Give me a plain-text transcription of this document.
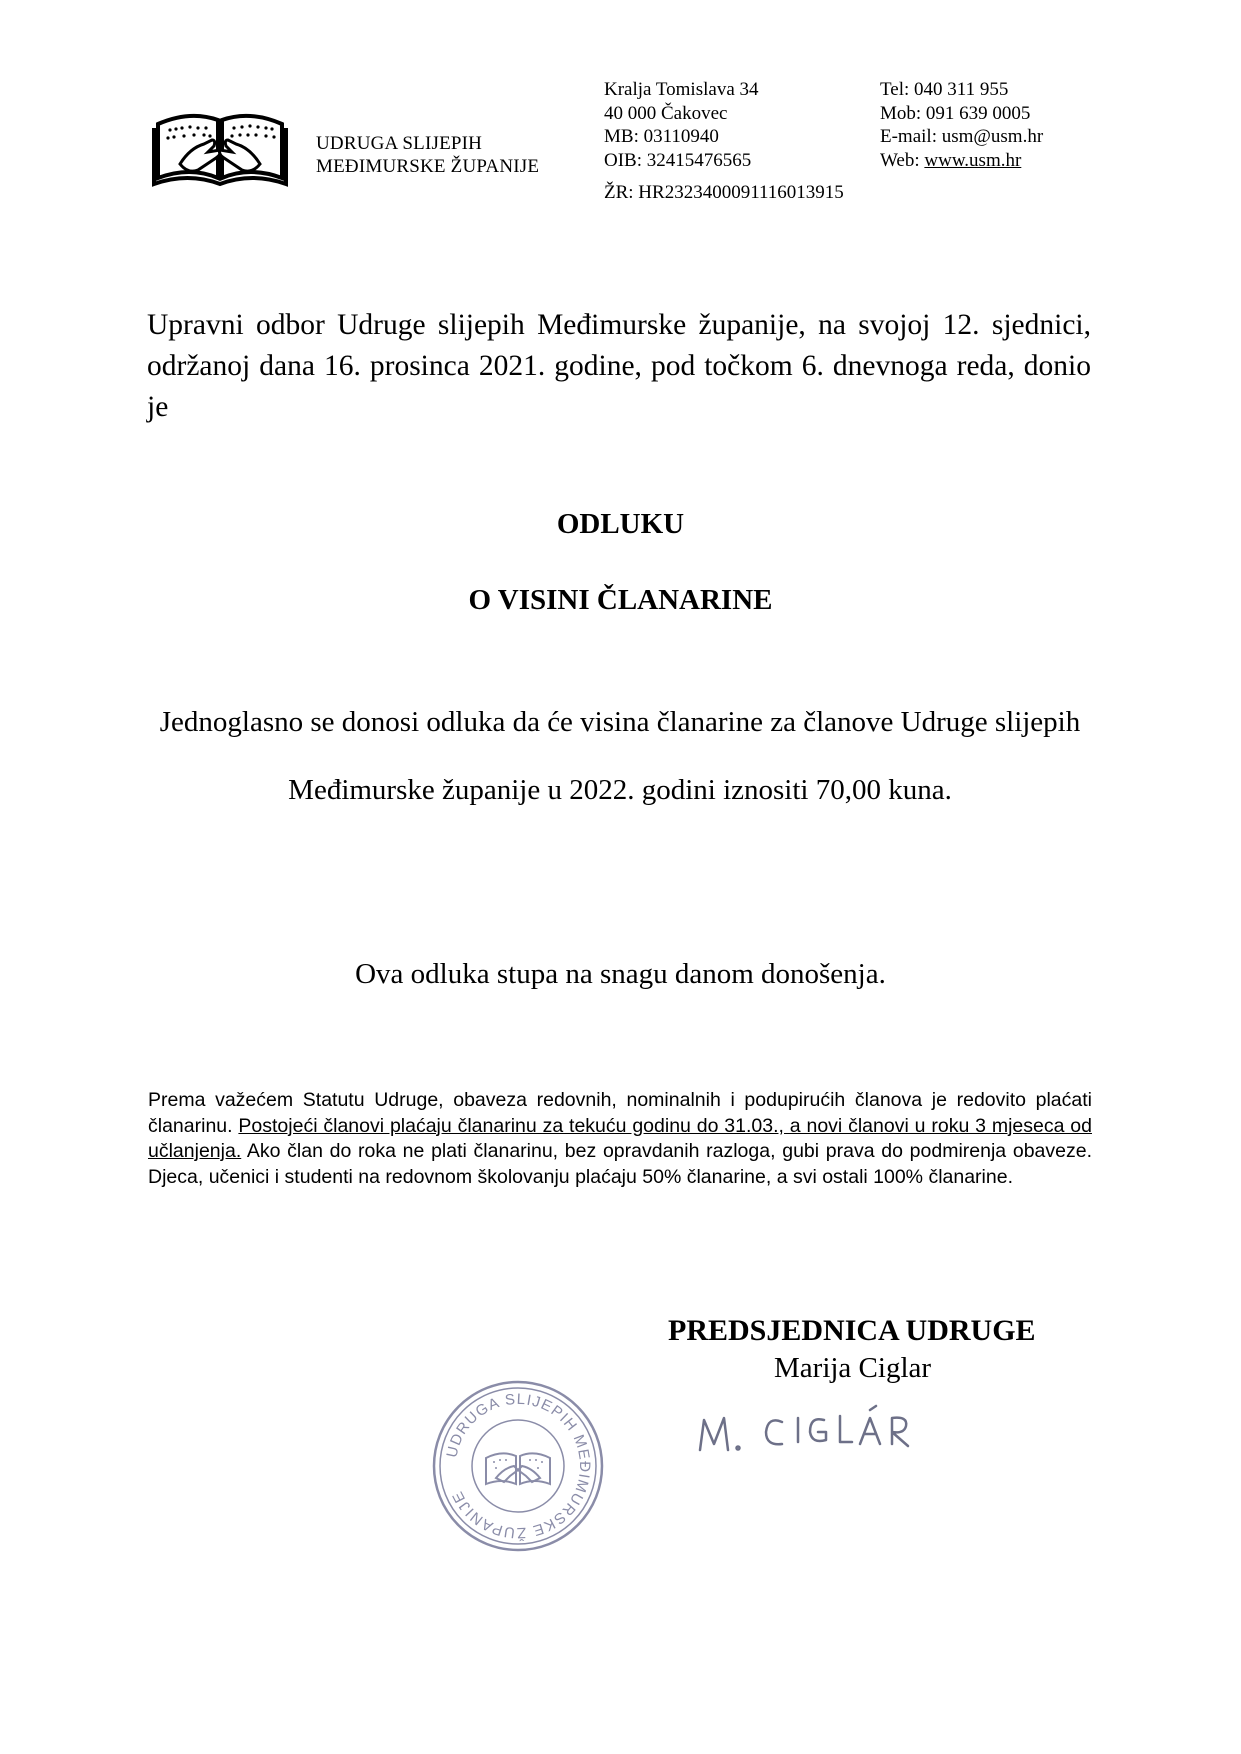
UDRUGA SLIJEPIH
MEĐIMURSKE ŽUPANIJE
Kralja Tomislava 34
40 000 Čakovec
MB: 03110940
OIB: 32415476565
ŽR: HR2323400091116013915
Tel: 040 311 955
Mob: 091 639 0005
E-mail: usm@usm.hr
Web: www.usm.hr
Upravni odbor Udruge slijepih Međimurske županije, na svojoj 12. sjednici, održanoj dana 16. prosinca 2021. godine, pod točkom 6. dnevnoga reda, donio je
ODLUKU
O VISINI ČLANARINE
Jednoglasno se donosi odluka da će visina članarine za članove Udruge slijepih Međimurske županije u 2022. godini iznositi 70,00 kuna.
Ova odluka stupa na snagu danom donošenja.
Prema važećem Statutu Udruge, obaveza redovnih, nominalnih i podupirućih članova je redovito plaćati članarinu. Postojeći članovi plaćaju članarinu za tekuću godinu do 31.03., a novi članovi u roku 3 mjeseca od učlanjenja. Ako član do roka ne plati članarinu, bez opravdanih razloga, gubi prava do podmirenja obaveze. Djeca, učenici i studenti na redovnom školovanju plaćaju 50% članarine, a svi ostali 100% članarine.
PREDSJEDNICA UDRUGE
Marija Ciglar
UDRUGA SLIJEPIH MEĐIMURSKE ŽUPANIJE
